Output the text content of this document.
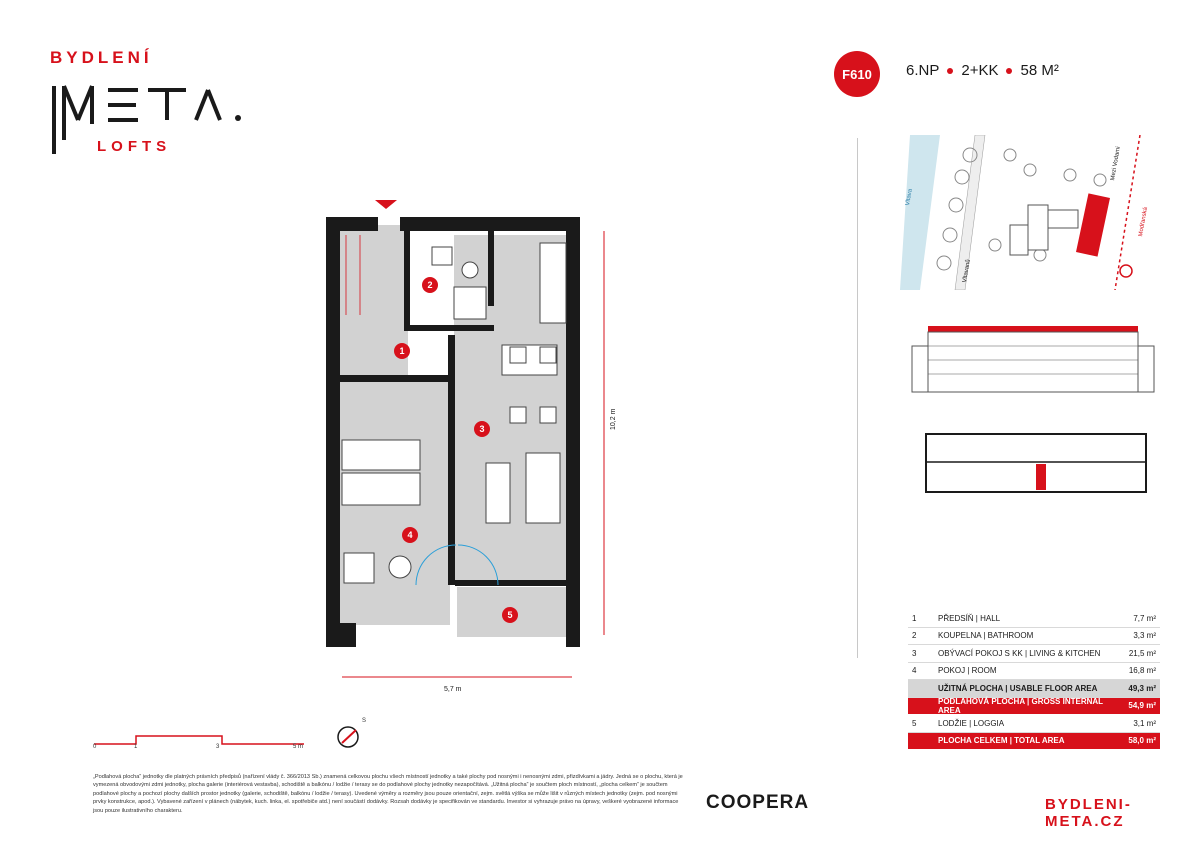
BYDLENÍ
LOFTS
F610	6.NP 2+KK 58 M²
2
1
3
4
5
10,2 m
5,7 m
0	1	3	5 m
S
Vltava
Vltavanů
Mezi Vodami
Modřanská
1	PŘEDSÍŇ | HALL	7,7 m²
2	KOUPELNA | BATHROOM	3,3 m²
3	OBÝVACÍ POKOJ S KK | LIVING & KITCHEN	21,5 m²
4	POKOJ | ROOM	16,8 m²
UŽITNÁ PLOCHA | USABLE FLOOR AREA	49,3 m²
PODLAHOVÁ PLOCHA | GROSS INTERNAL AREA	54,9 m²
5	LODŽIE | LOGGIA	3,1 m²
PLOCHA CELKEM | TOTAL AREA	58,0 m²
„Podlahová plocha“ jednotky dle platných právních předpisů (nařízení vlády č. 366/2013 Sb.) znamená celkovou plochu všech místností jednotky a také plochy pod nosnými i nenosnými zdmi, přizdívkami a jádry. Jedná se o plochu, která je vymezená obvodovými zdmi jednotky, plocha galerie (interiérová vestavba), schodiště a balkónu / lodžie / terasy se do podlahové plochy jednotky nezapočítává. „Užitná plocha“ je součtem ploch místností, „plocha celkem“ je součtem podlahové plochy a pochozí plochy dalších prostor jednotky (galerie, schodiště, balkónu / lodžie / terasy). Uvedené výměry a rozměry jsou pouze orientační, zejm. světlá výška se může lišit v různých místech jednotky (zejm. pod nosnými prvky konstrukce, apod.). Vybavené zařízení v plánech (nábytek, kuch. linka, el. spotřebiče atd.) není součástí dodávky. Rozsah dodávky je specifikován ve standardu. Investor si vyhrazuje právo na úpravy, veškeré vyobrazené informace jsou pouze ilustrativního charakteru.	COOPERA	BYDLENI-META.CZ
